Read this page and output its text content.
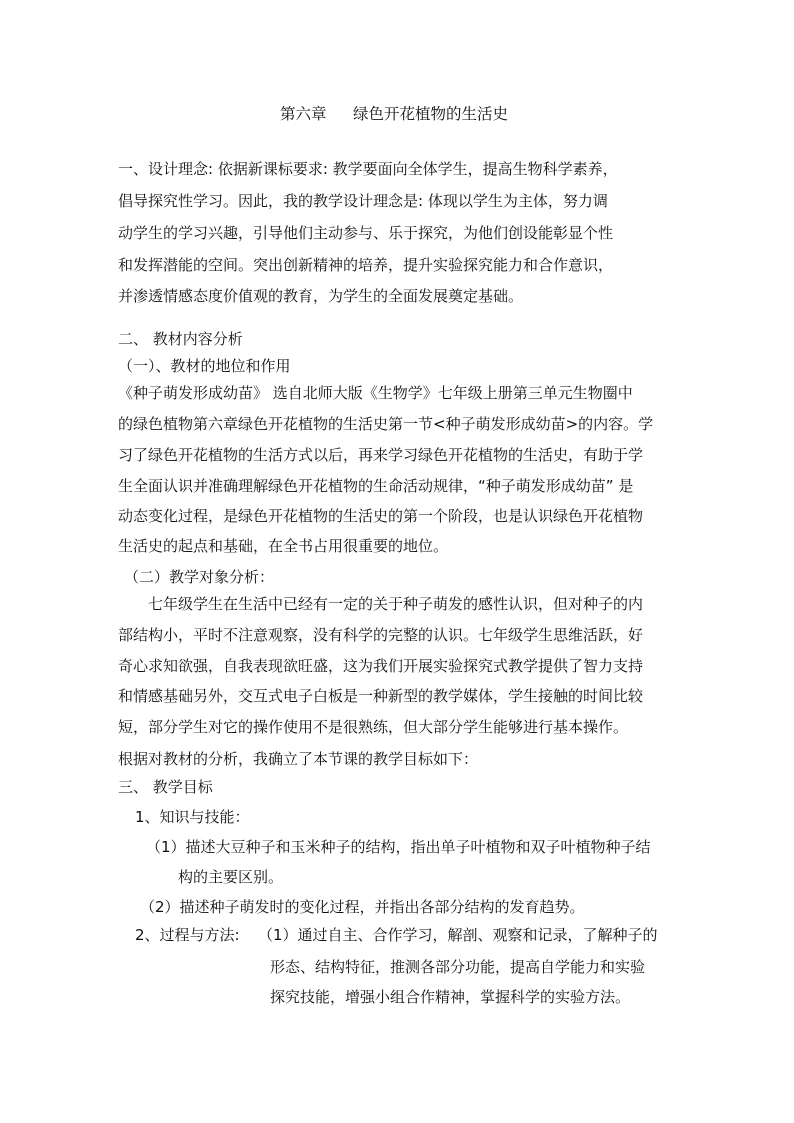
第六章 绿色开花植物的生活史
一、设计理念: 依据新课标要求: 教学要面向全体学生，提高生物科学素养，
倡导探究性学习。因此，我的教学设计理念是: 体现以学生为主体，努力调
动学生的学习兴趣，引导他们主动参与、乐于探究，为他们创设能彰显个性
和发挥潜能的空间。突出创新精神的培养，提升实验探究能力和合作意识，
并渗透情感态度价值观的教育，为学生的全面发展奠定基础。
二、 教材内容分析
（一）、教材的地位和作用
《种子萌发形成幼苗》 选自北师大版《生物学》七年级上册第三单元生物圈中
的绿色植物第六章绿色开花植物的生活史第一节<种子萌发形成幼苗>的内容。学
习了绿色开花植物的生活方式以后，再来学习绿色开花植物的生活史，有助于学
生全面认识并准确理解绿色开花植物的生命活动规律，“种子萌发形成幼苗” 是
动态变化过程，是绿色开花植物的生活史的第一个阶段，也是认识绿色开花植物
生活史的起点和基础，在全书占用很重要的地位。
（二）教学对象分析：
七年级学生在生活中已经有一定的关于种子萌发的感性认识，但对种子的内
部结构小，平时不注意观察，没有科学的完整的认识。七年级学生思维活跃，好
奇心求知欲强，自我表现欲旺盛，这为我们开展实验探究式教学提供了智力支持
和情感基础另外，交互式电子白板是一种新型的教学媒体，学生接触的时间比较
短，部分学生对它的操作使用不是很熟练，但大部分学生能够进行基本操作。
根据对教材的分析，我确立了本节课的教学目标如下：
三、 教学目标
1、知识与技能：
（1）描述大豆种子和玉米种子的结构，指出单子叶植物和双子叶植物种子结
构的主要区别。
（2）描述种子萌发时的变化过程，并指出各部分结构的发育趋势。
2、过程与方法: （1）通过自主、合作学习，解剖、观察和记录，了解种子的
形态、结构特征，推测各部分功能，提高自学能力和实验
探究技能，增强小组合作精神，掌握科学的实验方法。
